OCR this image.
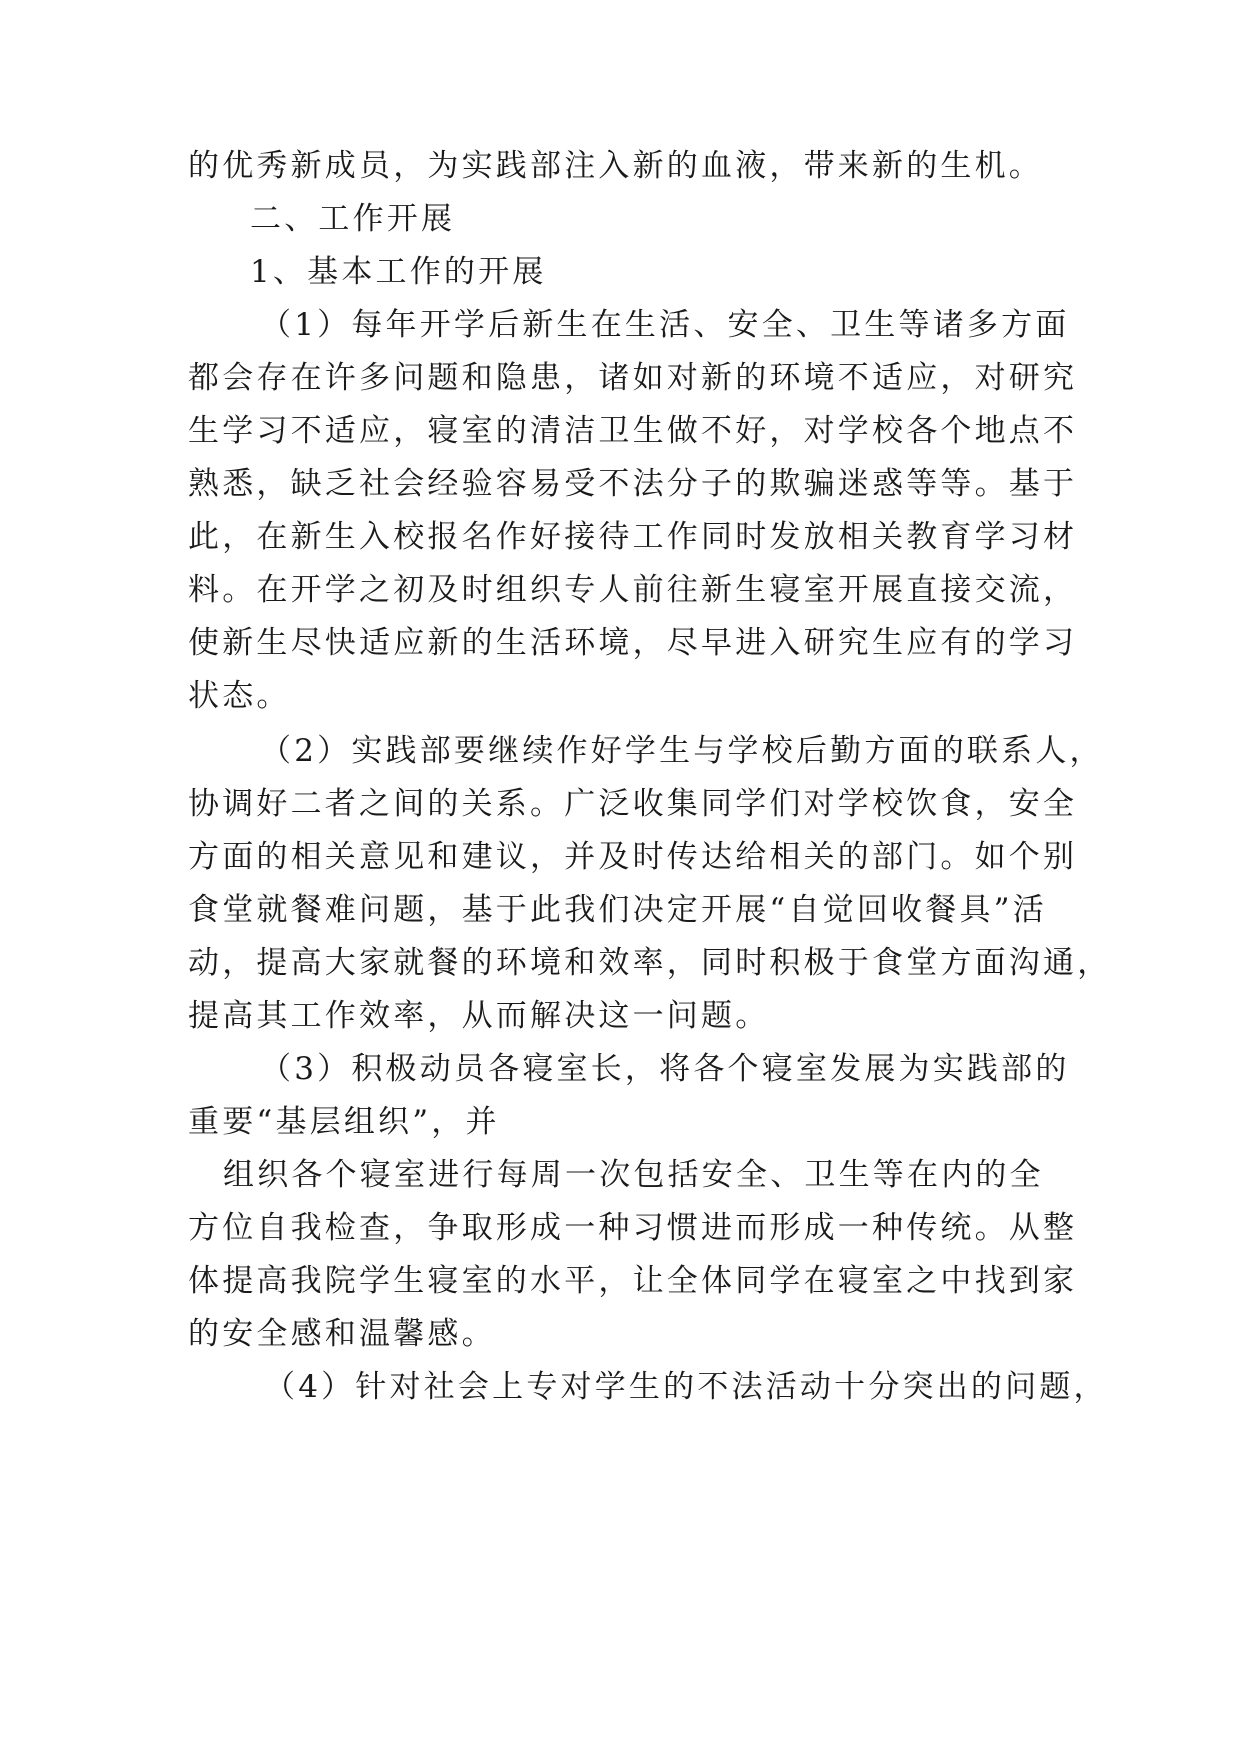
的优秀新成员，为实践部注入新的血液，带来新的生机。
二、工作开展
1、基本工作的开展
（1）每年开学后新生在生活、安全、卫生等诸多方面
都会存在许多问题和隐患，诸如对新的环境不适应，对研究
生学习不适应，寝室的清洁卫生做不好，对学校各个地点不
熟悉，缺乏社会经验容易受不法分子的欺骗迷惑等等。基于
此，在新生入校报名作好接待工作同时发放相关教育学习材
料。在开学之初及时组织专人前往新生寝室开展直接交流，
使新生尽快适应新的生活环境，尽早进入研究生应有的学习
状态。
（2）实践部要继续作好学生与学校后勤方面的联系人，
协调好二者之间的关系。广泛收集同学们对学校饮食，安全
方面的相关意见和建议，并及时传达给相关的部门。如个别
食堂就餐难问题，基于此我们决定开展“自觉回收餐具”活
动，提高大家就餐的环境和效率，同时积极于食堂方面沟通，
提高其工作效率，从而解决这一问题。
（3）积极动员各寝室长，将各个寝室发展为实践部的
重要“基层组织”，并
组织各个寝室进行每周一次包括安全、卫生等在内的全
方位自我检查，争取形成一种习惯进而形成一种传统。从整
体提高我院学生寝室的水平，让全体同学在寝室之中找到家
的安全感和温馨感。
（4）针对社会上专对学生的不法活动十分突出的问题，
